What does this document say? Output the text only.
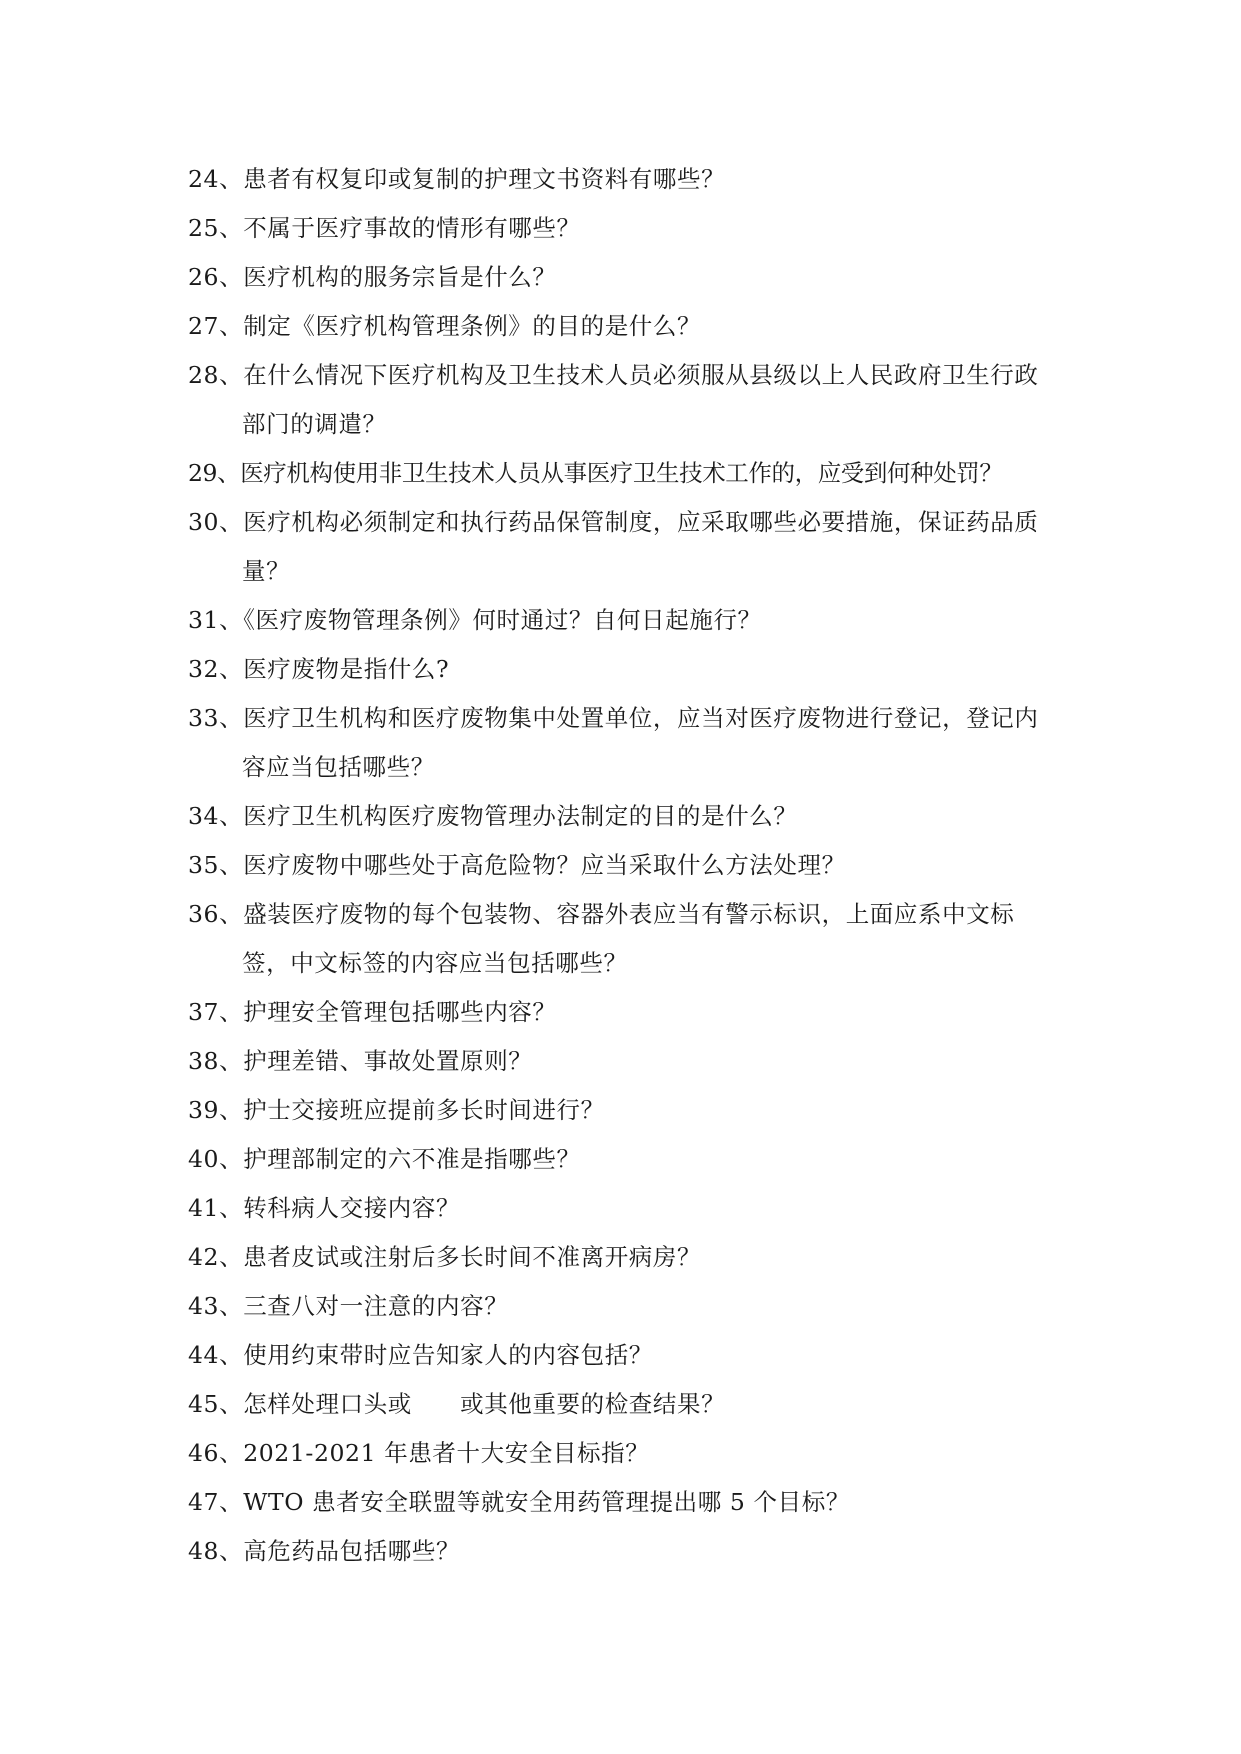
24、患者有权复印或复制的护理文书资料有哪些？
25、不属于医疗事故的情形有哪些？
26、医疗机构的服务宗旨是什么？
27、制定《医疗机构管理条例》的目的是什么？
28、在什么情况下医疗机构及卫生技术人员必须服从县级以上人民政府卫生行政部门的调遣？
29、医疗机构使用非卫生技术人员从事医疗卫生技术工作的，应受到何种处罚？
30、医疗机构必须制定和执行药品保管制度，应采取哪些必要措施，保证药品质量？
31、《医疗废物管理条例》何时通过？自何日起施行？
32、医疗废物是指什么?
33、医疗卫生机构和医疗废物集中处置单位，应当对医疗废物进行登记，登记内容应当包括哪些？
34、医疗卫生机构医疗废物管理办法制定的目的是什么？
35、医疗废物中哪些处于高危险物？应当采取什么方法处理？
36、盛装医疗废物的每个包装物、容器外表应当有警示标识，上面应系中文标签，中文标签的内容应当包括哪些？
37、护理安全管理包括哪些内容？
38、护理差错、事故处置原则？
39、护士交接班应提前多长时间进行？
40、护理部制定的六不准是指哪些？
41、转科病人交接内容？
42、患者皮试或注射后多长时间不准离开病房？
43、三查八对一注意的内容？
44、使用约束带时应告知家人的内容包括？
45、怎样处理口头或　　或其他重要的检查结果？
46、2021-2021 年患者十大安全目标指？
47、WTO 患者安全联盟等就安全用药管理提出哪 5 个目标？
48、高危药品包括哪些？
